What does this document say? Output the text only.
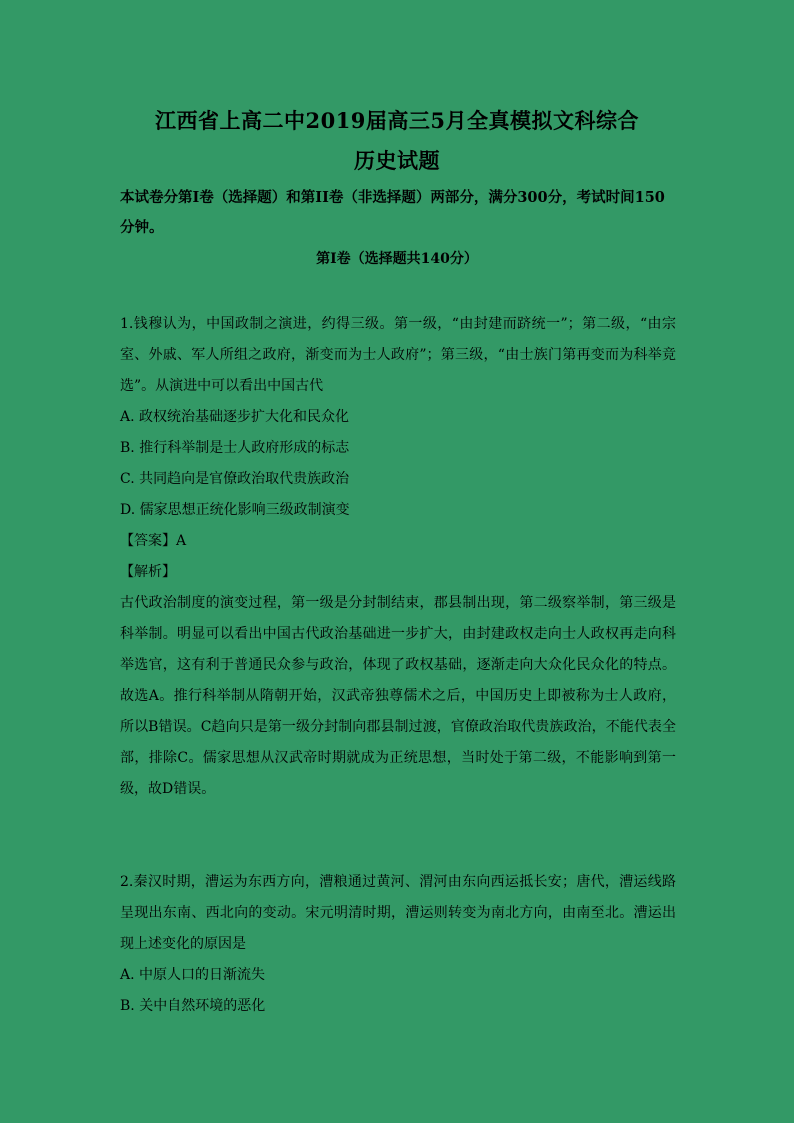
江西省上高二中2019届高三5月全真模拟文科综合
历史试题
本试卷分第I卷（选择题）和第II卷（非选择题）两部分，满分300分，考试时间150分钟。
第I卷（选择题共140分）
1.钱穆认为，中国政制之演进，约得三级。第一级，“由封建而跻统一”；第二级，“由宗室、外戚、军人所组之政府，渐变而为士人政府”；第三级，“由士族门第再变而为科举竞选”。从演进中可以看出中国古代
A. 政权统治基础逐步扩大化和民众化
B. 推行科举制是士人政府形成的标志
C. 共同趋向是官僚政治取代贵族政治
D. 儒家思想正统化影响三级政制演变
【答案】A
【解析】
古代政治制度的演变过程，第一级是分封制结束，郡县制出现，第二级察举制，第三级是科举制。明显可以看出中国古代政治基础进一步扩大，由封建政权走向士人政权再走向科举选官，这有利于普通民众参与政治，体现了政权基础，逐渐走向大众化民众化的特点。故选A。推行科举制从隋朝开始，汉武帝独尊儒术之后，中国历史上即被称为士人政府，所以B错误。C趋向只是第一级分封制向郡县制过渡，官僚政治取代贵族政治，不能代表全部，排除C。儒家思想从汉武帝时期就成为正统思想，当时处于第二级，不能影响到第一级，故D错误。
2.秦汉时期，漕运为东西方向，漕粮通过黄河、渭河由东向西运抵长安；唐代，漕运线路呈现出东南、西北向的变动。宋元明清时期，漕运则转变为南北方向，由南至北。漕运出现上述变化的原因是
A. 中原人口的日渐流失
B. 关中自然环境的恶化
